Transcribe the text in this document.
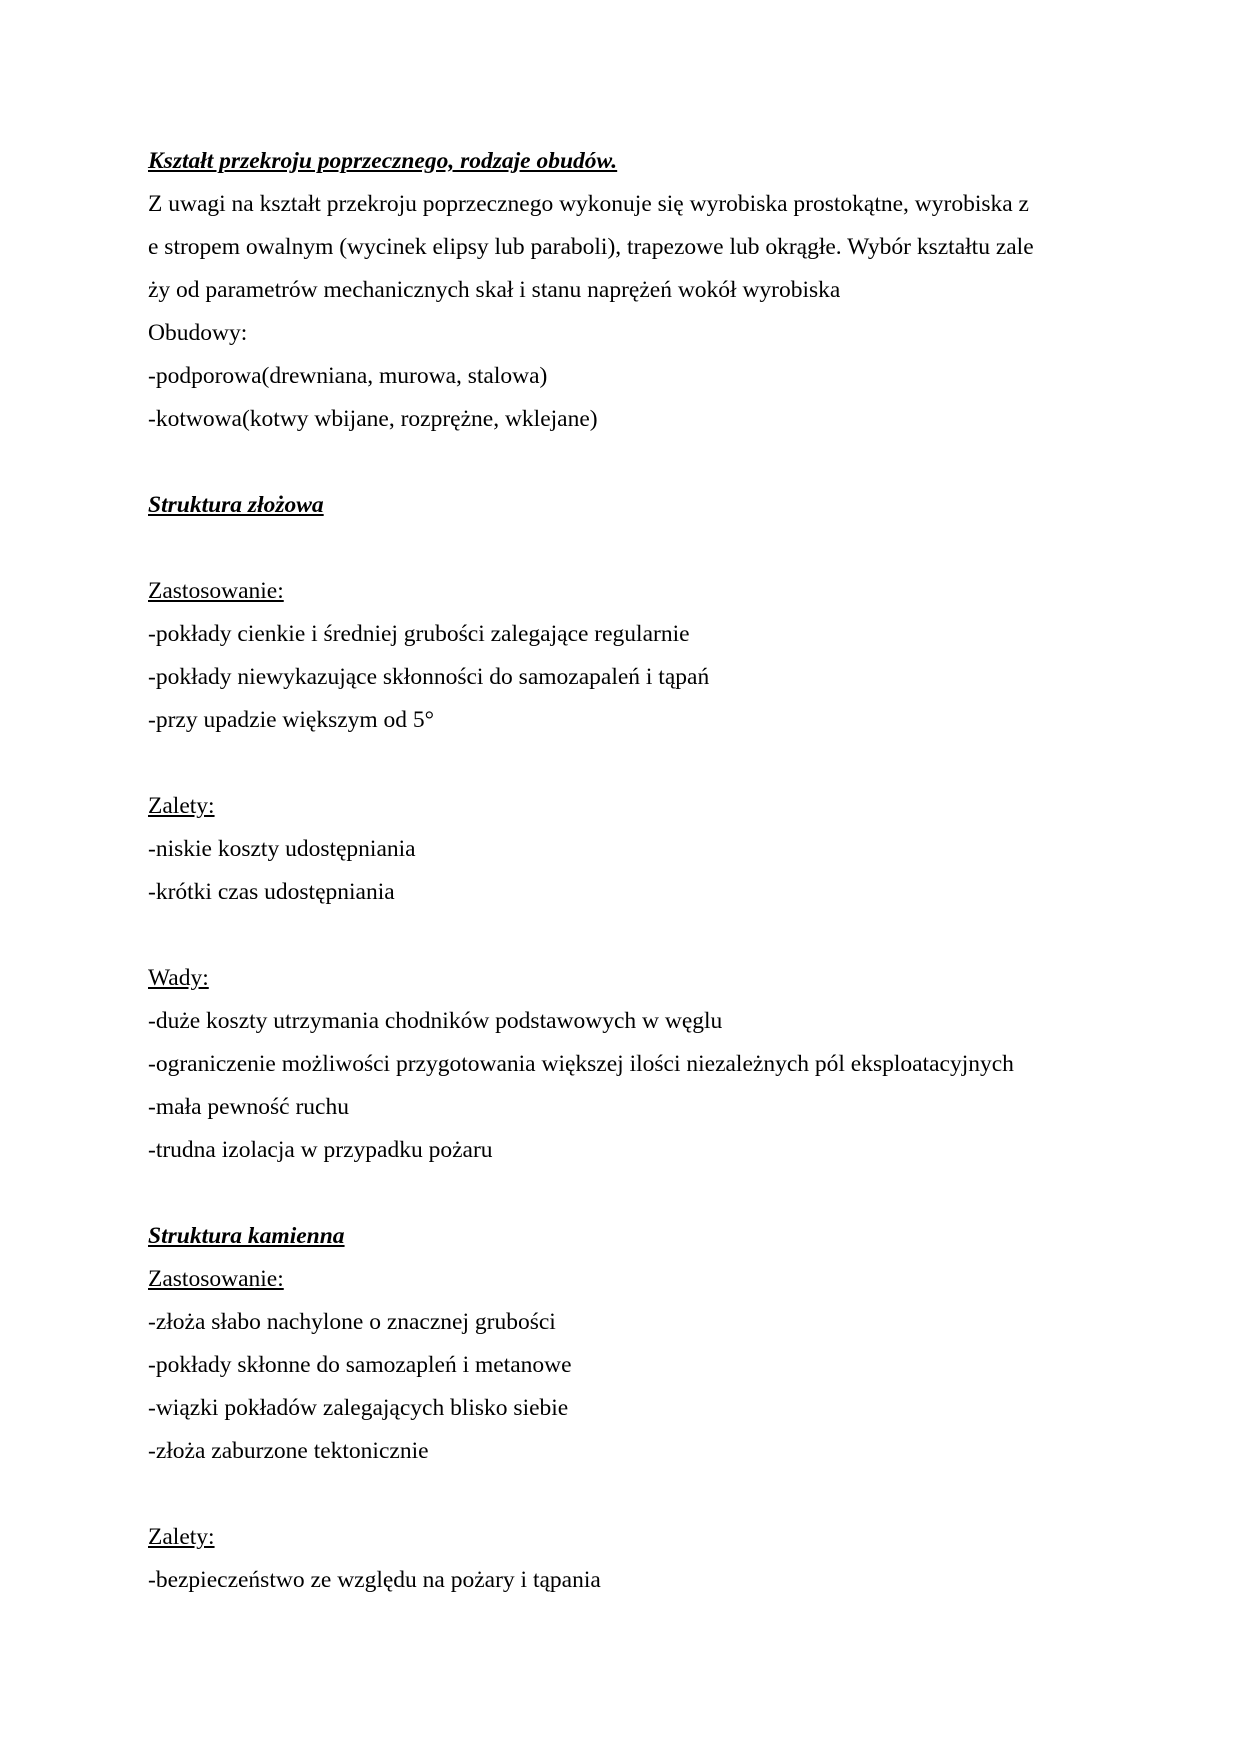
Kształt przekroju poprzecznego, rodzaje obudów.
Z uwagi na kształt przekroju poprzecznego wykonuje się wyrobiska prostokątne, wyrobiska z
e stropem owalnym (wycinek elipsy lub paraboli), trapezowe lub okrągłe. Wybór kształtu zale
ży od parametrów mechanicznych skał i stanu naprężeń wokół wyrobiska
Obudowy:
-podporowa(drewniana, murowa, stalowa)
-kotwowa(kotwy wbijane, rozprężne, wklejane)
Struktura złożowa
Zastosowanie:
-pokłady cienkie i średniej grubości zalegające regularnie
-pokłady niewykazujące skłonności do samozapaleń i tąpań
-przy upadzie większym od 5°
Zalety:
-niskie koszty udostępniania
-krótki czas udostępniania
Wady:
-duże koszty utrzymania chodników podstawowych w węglu
-ograniczenie możliwości przygotowania większej ilości niezależnych pól eksploatacyjnych
-mała pewność ruchu
-trudna izolacja w przypadku pożaru
Struktura kamienna
Zastosowanie:
-złoża słabo nachylone o znacznej grubości
-pokłady skłonne do samozapleń i metanowe
-wiązki pokładów zalegających blisko siebie
-złoża zaburzone tektonicznie
Zalety:
-bezpieczeństwo ze względu na pożary i tąpania
